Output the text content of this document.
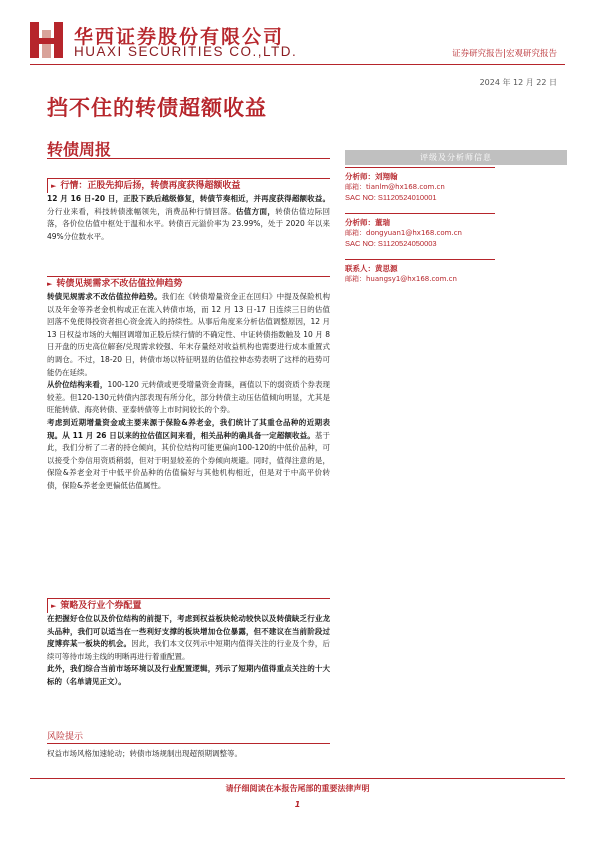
华西证券股份有限公司
HUAXI SECURITIES CO.,LTD.	证券研究报告|宏观研究报告
2024 年 12 月 22 日
挡不住的转债超额收益
转债周报
► 行情：正股先抑后扬，转债再度获得超额收益

12 月 16 日-20 日，正股下跌后越级修复，转债节奏相近，并再度获得超额收益。分行业来看，科技转债涨幅领先，消费品种行情回落。估值方面，转债估值边际回落，各价位估值中枢处于温和水平。转债百元溢价率为 23.99%，处于 2020 年以来 49%分位数水平。

► 转债见规需求不改估值拉伸趋势

转债见规需求不改估值拉伸趋势。我们在《转债增量资金正在回归》中提及保险机构以及年金等养老金机构或正在流入转债市场，而 12 月 13 日-17 日连续三日的估值回落不免使得投资者担心资金流入的持续性。从事后角度来分析估值调整原因，12 月 13 日权益市场的大幅回调增加正股后续行情的不确定性、中证转债指数触及 10 月 8 日开盘的历史高位解套/兑现需求较强、年末存量经对收益机构也需要进行成本重置式的调仓。不过，18-20 日，转债市场以特征明显的估值拉伸态势表明了这样的趋势可能仍在延续。

从价位结构来看，100-120 元转债或更受增量资金青睐，画值以下的弱资质个券表现较差。但120-130元转债内部表现有所分化，部分转债主动压估值倾向明显，尤其是旺能转债、海亮转债、亚泰转债等上市时间较长的个券。

考虑到近期增量资金或主要来源于保险&养老金，我们统计了其重仓品种的近期表现。从 11 月 26 日以来的拉估值区间来看，相关品种的确具备一定超额收益。基于此，我们分析了二者的持仓倾向，其价位结构可能更偏向100-120的中低价品种，可以接受个券信用资质稍弱，但对于明显较差的个券倾向规避。同时，值得注意的是，保险&养老金对于中低平价品种的估值偏好与其他机构相近，但是对于中高平价转债，保险&养老金更偏低估值属性。

► 策略及行业个券配置

在把握好仓位以及价位结构的前提下，考虑到权益板块轮动较快以及转债缺乏行业龙头品种，我们可以适当在一些利好支撑的板块增加仓位暴露，但不建议在当前阶段过度博弈某一板块的机会。因此，我们本文仅列示中短期内值得关注的行业及个券，后续可等待市场主线的明晰再进行着重配置。

此外，我们综合当前市场环境以及行业配置逻辑，列示了短期内值得重点关注的十大标的（名单请见正文）。

评级及分析师信息
分析师：刘翔翰
邮箱：tianlm@hx168.com.cn
SAC NO: S1120524010001
分析师：董瑞
邮箱：dongyuan1@hx168.com.cn
SAC NO: S1120524050003
联系人：黄思源
邮箱：huangsy1@hx168.com.cn
风险提示
权益市场风格加速轮动；转债市场规制出现超预期调整等。
请仔细阅读在本报告尾部的重要法律声明
1
